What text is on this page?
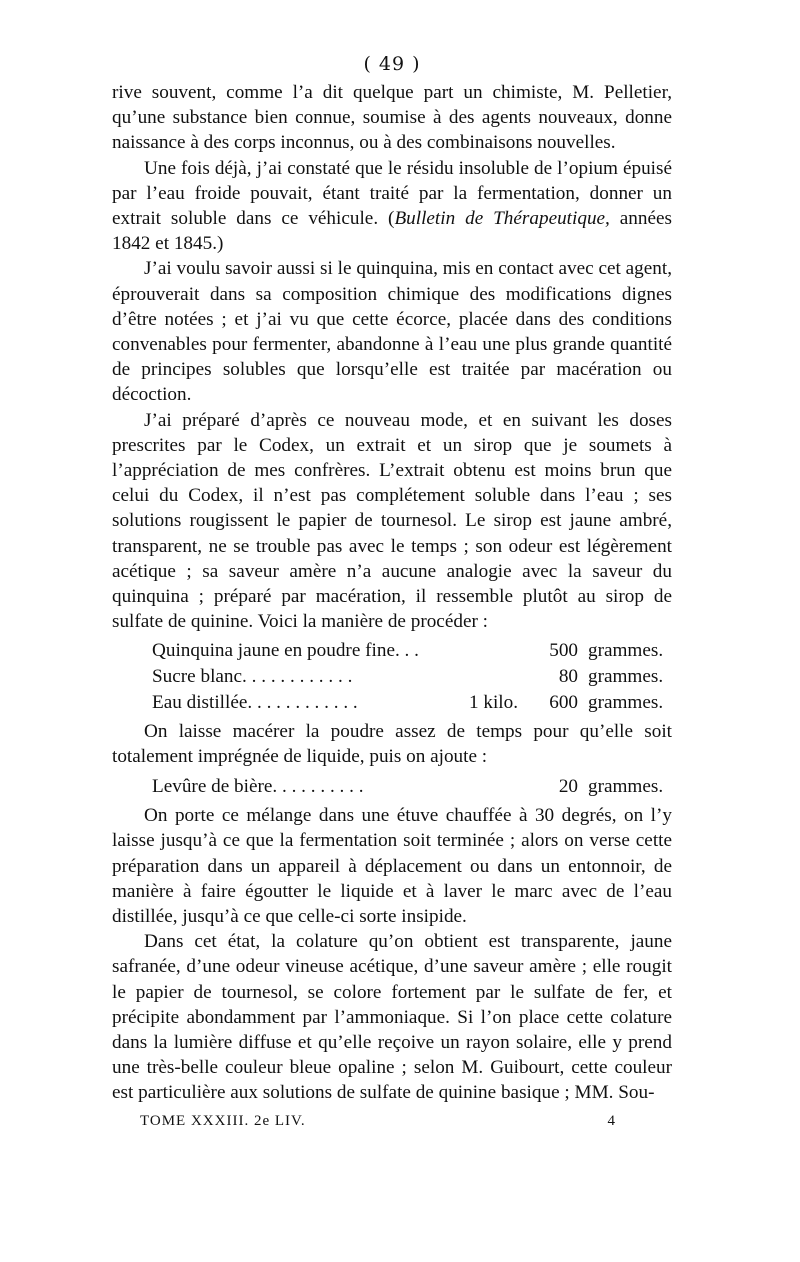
( 49 )

rive souvent, comme l’a dit quelque part un chimiste, M. Pelletier, qu’une substance bien connue, soumise à des agents nouveaux, donne naissance à des corps inconnus, ou à des combinaisons nouvelles.

Une fois déjà, j’ai constaté que le résidu insoluble de l’opium épuisé par l’eau froide pouvait, étant traité par la fermentation, donner un extrait soluble dans ce véhicule. (Bulletin de Thérapeutique, années 1842 et 1845.)

J’ai voulu savoir aussi si le quinquina, mis en contact avec cet agent, éprouverait dans sa composition chimique des modifications dignes d’être notées ; et j’ai vu que cette écorce, placée dans des conditions convenables pour fermenter, abandonne à l’eau une plus grande quantité de principes solubles que lorsqu’elle est traitée par macération ou décoction.

J’ai préparé d’après ce nouveau mode, et en suivant les doses prescrites par le Codex, un extrait et un sirop que je soumets à l’appréciation de mes confrères. L’extrait obtenu est moins brun que celui du Codex, il n’est pas complétement soluble dans l’eau ; ses solutions rougissent le papier de tournesol. Le sirop est jaune ambré, transparent, ne se trouble pas avec le temps ; son odeur est légèrement acétique ; sa saveur amère n’a aucune analogie avec la saveur du quinquina ; préparé par macération, il ressemble plutôt au sirop de sulfate de quinine. Voici la manière de procéder :

Quinquina jaune en poudre fine. . .	500 grammes.
Sucre blanc. . . . . . . . . . . .	80 grammes.
Eau distillée. . . . . . . . . . . .	1 kilo.	600 grammes.

On laisse macérer la poudre assez de temps pour qu’elle soit totalement imprégnée de liquide, puis on ajoute :

Levûre de bière. . . . . . . . . .	20 grammes.

On porte ce mélange dans une étuve chauffée à 30 degrés, on l’y laisse jusqu’à ce que la fermentation soit terminée ; alors on verse cette préparation dans un appareil à déplacement ou dans un entonnoir, de manière à faire égoutter le liquide et à laver le marc avec de l’eau distillée, jusqu’à ce que celle-ci sorte insipide.

Dans cet état, la colature qu’on obtient est transparente, jaune safranée, d’une odeur vineuse acétique, d’une saveur amère ; elle rougit le papier de tournesol, se colore fortement par le sulfate de fer, et précipite abondamment par l’ammoniaque. Si l’on place cette colature dans la lumière diffuse et qu’elle reçoive un rayon solaire, elle y prend une très-belle couleur bleue opaline ; selon M. Guibourt, cette couleur est particulière aux solutions de sulfate de quinine basique ; MM. Sou-

TOME XXXIII. 2e LIV.	4
